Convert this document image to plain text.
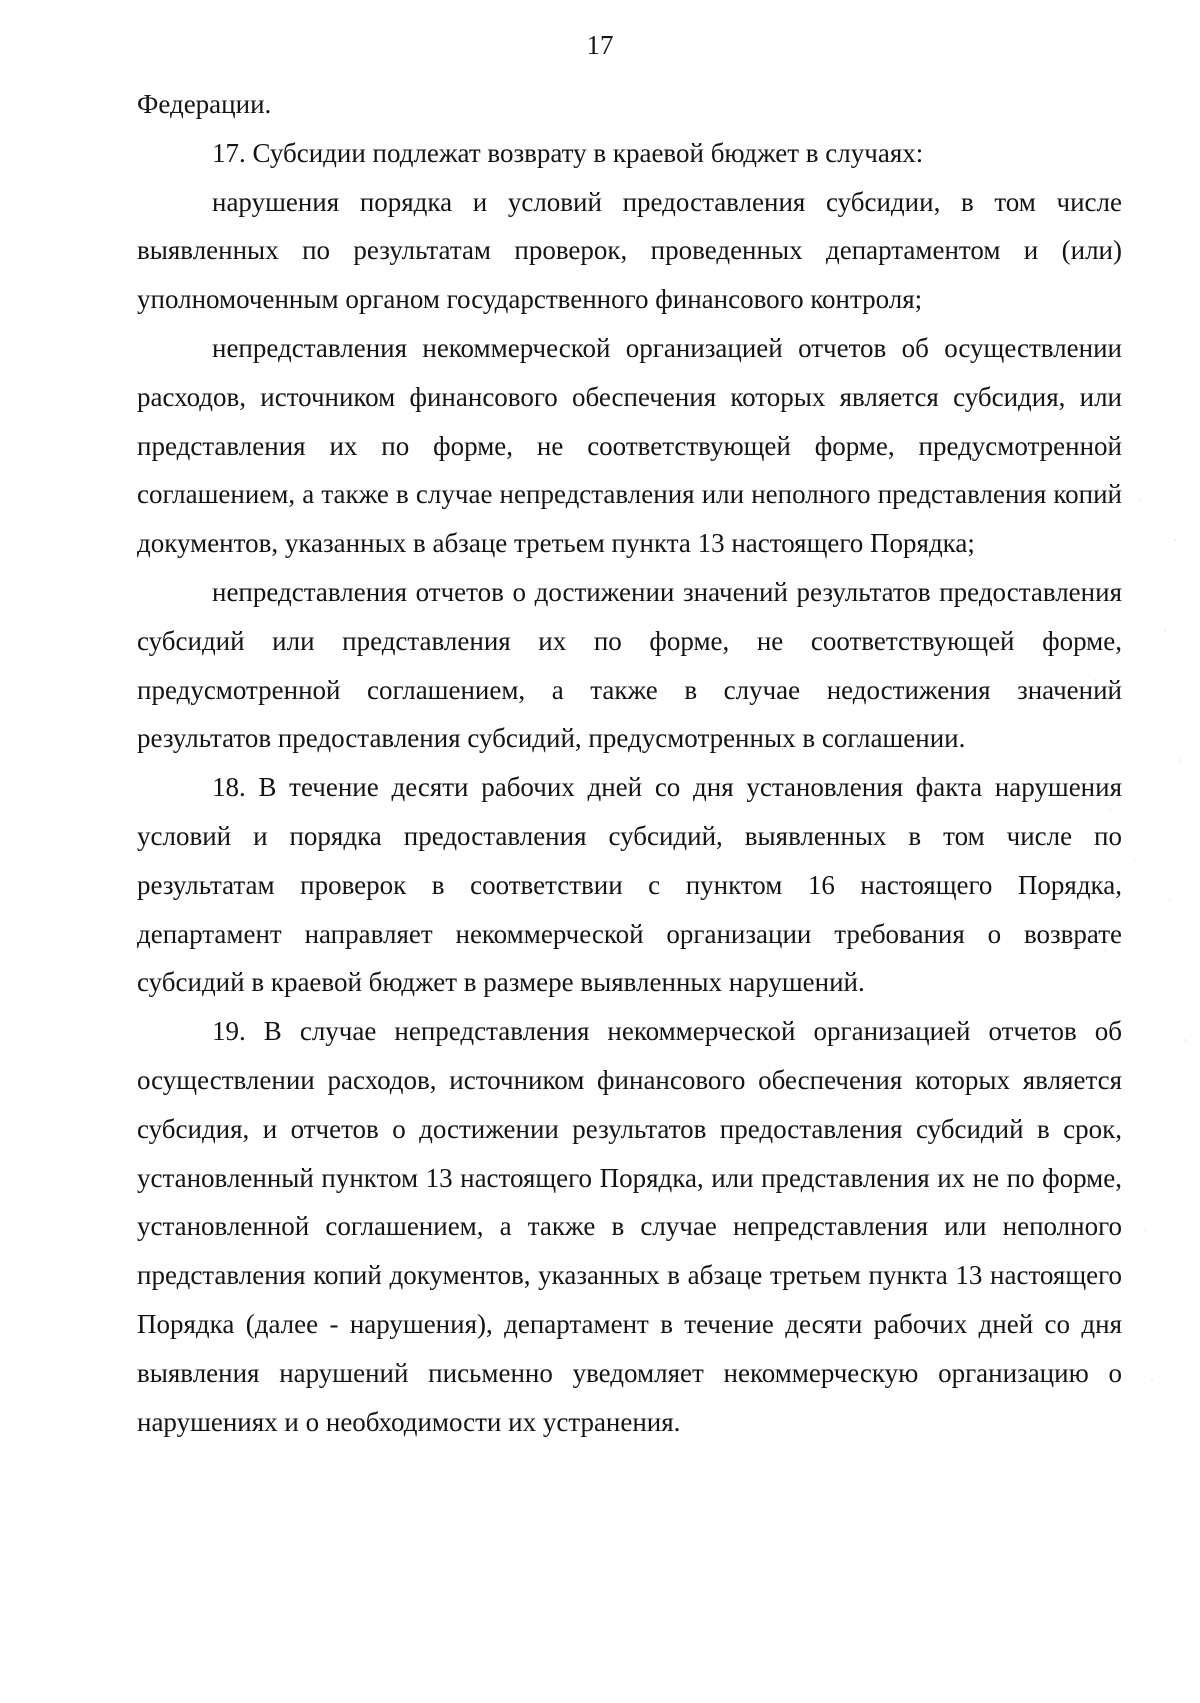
17

Федерации.

17. Субсидии подлежат возврату в краевой бюджет в случаях:

нарушения порядка и условий предоставления субсидии, в том числе выявленных по результатам проверок, проведенных департаментом и (или) уполномоченным органом государственного финансового контроля;

непредставления некоммерческой организацией отчетов об осуществлении расходов, источником финансового обеспечения которых является субсидия, или представления их по форме, не соответствующей форме, предусмотренной соглашением, а также в случае непредставления или неполного представления копий документов, указанных в абзаце третьем пункта 13 настоящего Порядка;

непредставления отчетов о достижении значений результатов предоставления субсидий или представления их по форме, не соответствующей форме, предусмотренной соглашением, а также в случае недостижения значений результатов предоставления субсидий, предусмотренных в соглашении.

18. В течение десяти рабочих дней со дня установления факта нарушения условий и порядка предоставления субсидий, выявленных в том числе по результатам проверок в соответствии с пунктом 16 настоящего Порядка, департамент направляет некоммерческой организации требования о возврате субсидий в краевой бюджет в размере выявленных нарушений.

19. В случае непредставления некоммерческой организацией отчетов об осуществлении расходов, источником финансового обеспечения которых является субсидия, и отчетов о достижении результатов предоставления субсидий в срок, установленный пунктом 13 настоящего Порядка, или представления их не по форме, установленной соглашением, а также в случае непредставления или неполного представления копий документов, указанных в абзаце третьем пункта 13 настоящего Порядка (далее - нарушения), департамент в течение десяти рабочих дней со дня выявления нарушений письменно уведомляет некоммерческую организацию о нарушениях и о необходимости их устранения.
